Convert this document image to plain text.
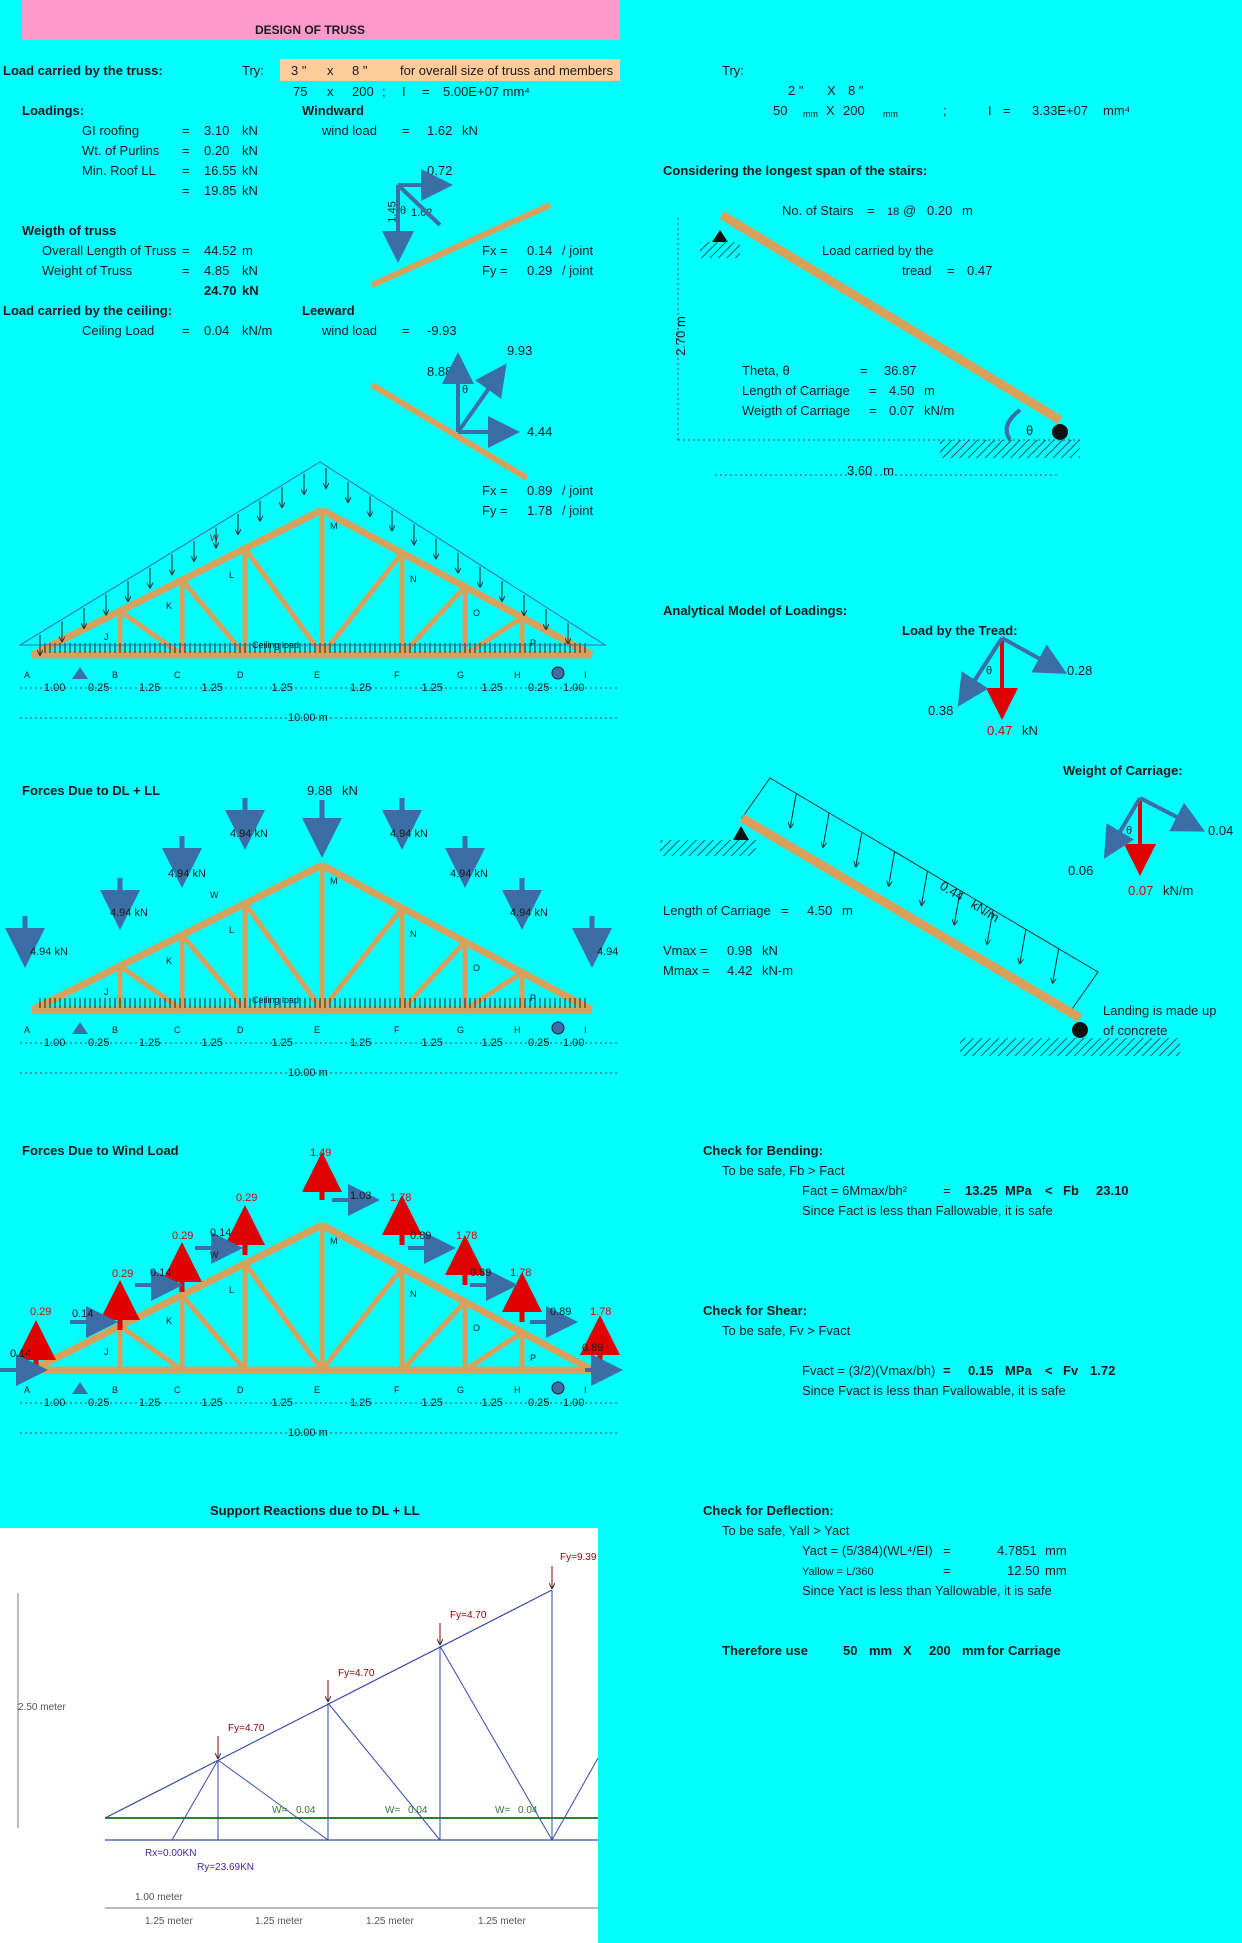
DESIGN OF TRUSS
Load carried by the truss:	Try: 3 " x 8 "	for overall size of truss and members
75 x 200 ; I = 5.00E+07 mm⁴
Loadings:
GI roofing	= 3.10 kN
Wt. of Purlins = 0.20 kN
Min. Roof LL = 16.55 kN
= 19.85 kN
Weigth of truss
Overall Length of Truss = 44.52 m
Weight of Truss	= 4.85 kN
24.70 kN
Load carried by the ceiling:
Ceiling Load = 0.04 kN/m
Windward
wind load = 1.62 kN
0.72
1.62
1.45 θ
Fx = 0.14 / joint
Fy = 0.29 / joint
Leeward
wind load = -9.93
9.93
8.88
θ
4.44
Fx = 0.89 / joint
Fy = 1.78 / joint
Ceiling load
A	B	C	D	E	F	G	H	I
J
K
L
M
N
O
P
1.00 0.25	1.25	1.25	1.25	1.25	1.25	1.25 0.25 1.00
10.00 m
W
Ceiling load
A	B	C	D	E	F	G	H	I
J
K
L
M
N
O
P
1.00 0.25	1.25	1.25	1.25	1.25	1.25	1.25 0.25 1.00
10.00 m
4.94 kN
4.94 kN
4.94 kN
4.94 kN	4.94 kN
4.94 kN
4.94 kN
W
A	B	C	D	E	F	G	H	I
J
K
L
M
N
O
P
1.00 0.25	1.25	1.25	1.25	1.25	1.25	1.25 0.25 1.00
10.00 m
0.29
0.29
0.29
0.29
0.14
0.14
0.14
0.14
1.78
1.78
1.78
1.78
1.03
0.89
0.89
0.89
W
Forces Due to DL + LL	9.88 kN
4.94
Forces Due to Wind Load	1.49
0.89
Support Reactions due to DL + LL
2.50 meter
Fy=9.39
Fy=4.70
Fy=4.70
Fy=4.70
W= 0.04	W= 0.04	W= 0.04
Rx=0.00KN
Ry=23.69KN
1.00 meter
1.25 meter	1.25 meter	1.25 meter	1.25 meter
Try:
2 " X 8 "
50 mm X 200 mm	;	I = 3.33E+07 mm⁴
Considering the longest span of the stairs:
No. of Stairs = 18 @ 0.20 m
Load carried by the
tread = 0.47
Theta, θ	= 36.87
Length of Carriage = 4.50 m
Weigth of Carriage = 0.07 kN/m
2.70 m
3.60 m
θ
Analytical Model of Loadings:
Load by the Tread:
0.28
0.38
θ
0.47 kN
Weight of Carriage:
0.04
0.06
θ
0.07 kN/m
0.44   kN/m
Length of Carriage = 4.50 m
Vmax = 0.98 kN
Mmax = 4.42 kN-m
Landing is made up
of concrete
Check for Bending:
To be safe, Fb > Fact
Fact = 6Mmax/bh²	= 13.25 MPa < Fb 23.10
Since Fact is less than Fallowable, it is safe
Check for Shear:
To be safe, Fv > Fvact
Fvact = (3/2)(Vmax/bh) = 0.15 MPa < Fv 1.72
Since Fvact is less than Fvallowable, it is safe
Check for Deflection:
To be safe, Yall > Yact
Yact = (5/384)(WL⁴/EI) =	4.7851 mm
Yallow = L/360	=	12.50 mm
Since Yact is less than Yallowable, it is safe
Therefore use	50 mm X 200 mm for Carriage
